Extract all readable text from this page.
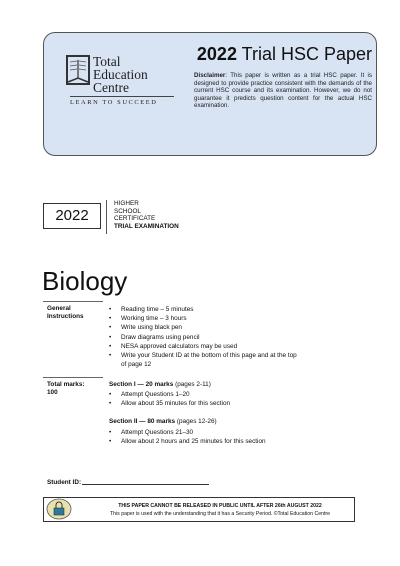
Total
Education
Centre
LEARN TO SUCCEED
2022 Trial HSC Paper
Disclaimer: This paper is written as a trial HSC paper. It is designed to provide practice consistent with the demands of the current HSC course and its examination. However, we do not guarantee it predicts question content for the actual HSC examination.
2022
HIGHER
SCHOOL
CERTIFICATE
TRIAL EXAMINATION
Biology
General
Instructions
• Reading time – 5 minutes
• Working time – 3 hours
• Write using black pen
• Draw diagrams using pencil
• NESA approved calculators may be used
• Write your Student ID at the bottom of this page and at the top
of page 12
Total marks:
100
Section I — 20 marks (pages 2-11)
• Attempt Questions 1–20
• Allow about 35 minutes for this section
Section II — 80 marks (pages 12-26)
• Attempt Questions 21–30
• Allow about 2 hours and 25 minutes for this section
Student ID:
THIS PAPER CANNOT BE RELEASED IN PUBLIC UNTIL AFTER 26th AUGUST 2022
This paper is used with the understanding that it has a Security Period. ©Total Education Centre
